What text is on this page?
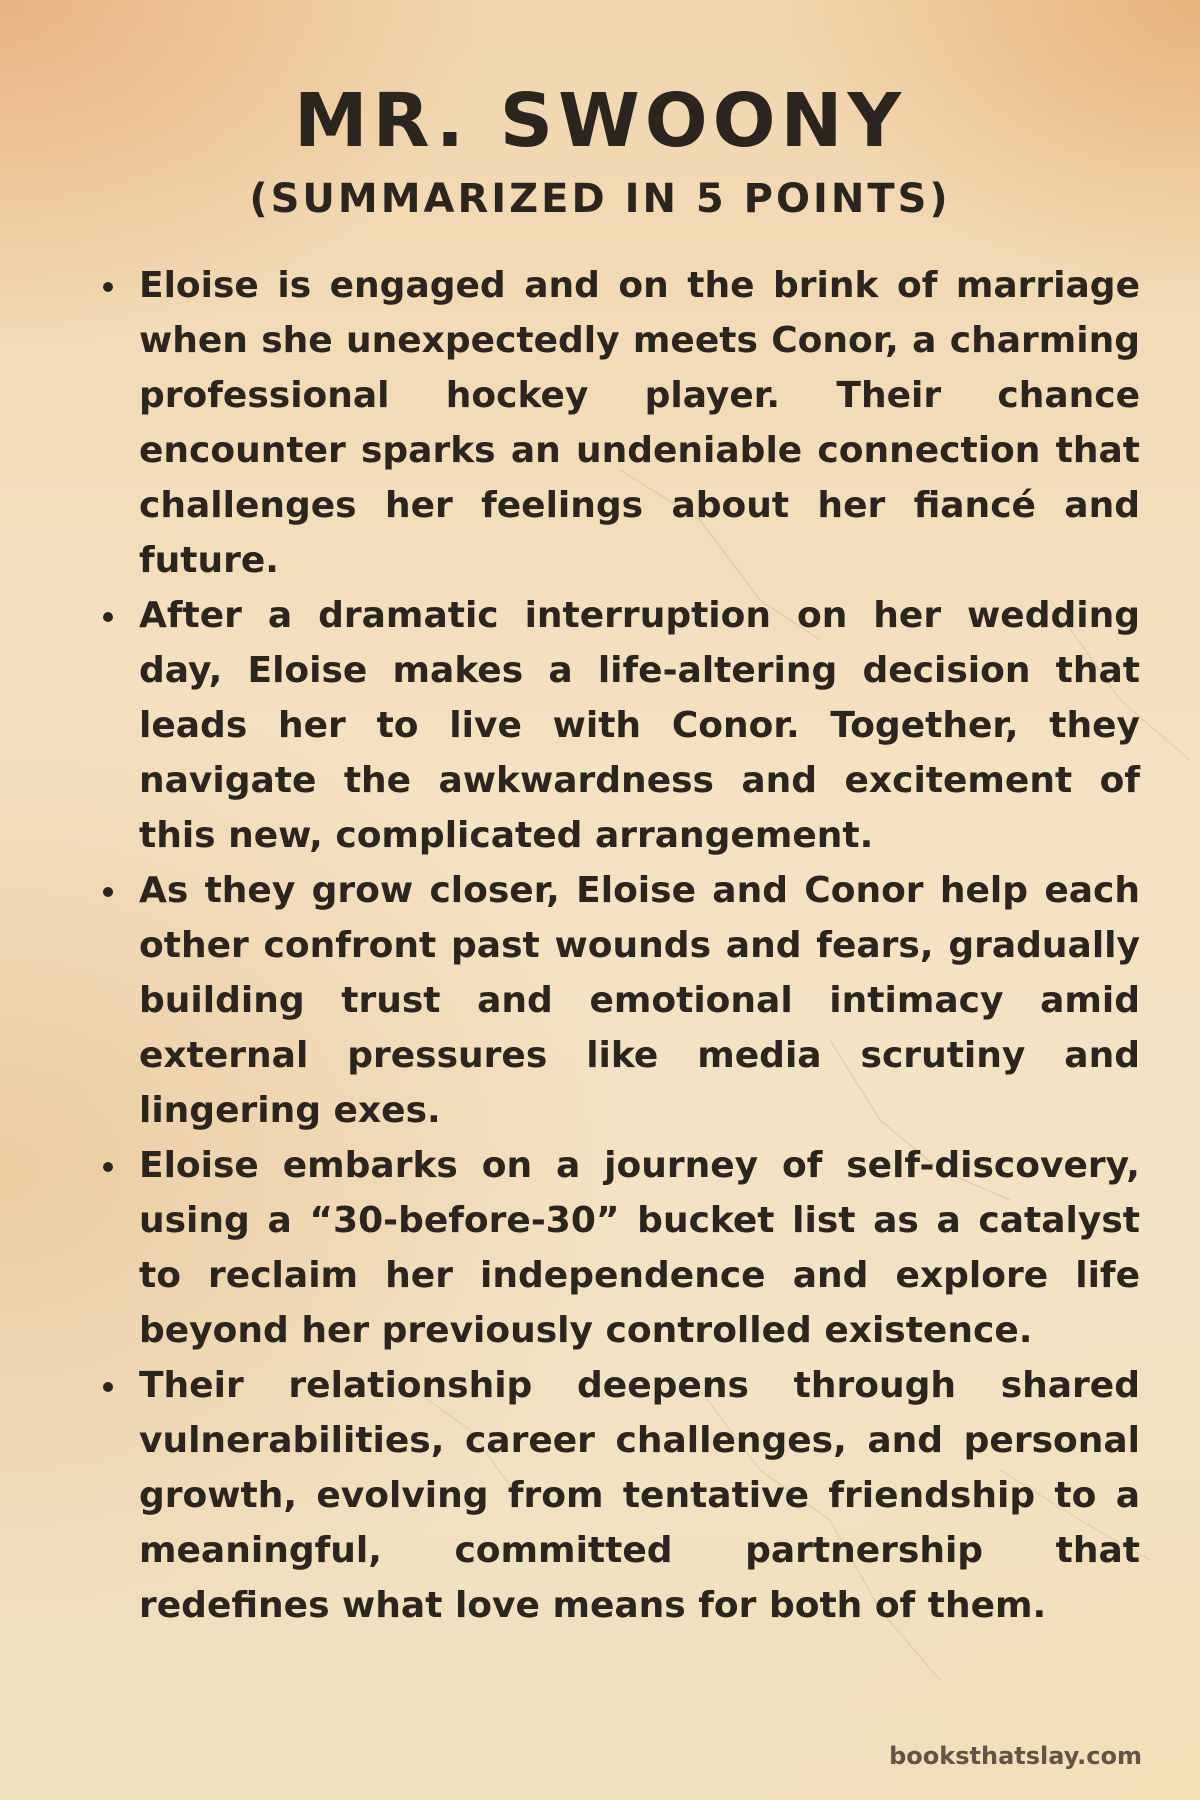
MR. SWOONY
(SUMMARIZED IN 5 POINTS)
Eloise is engaged and on the brink of marriage when she unexpectedly meets Conor, a charming professional hockey player. Their chance encounter sparks an undeniable connection that challenges her feelings about her fiancé and future.
After a dramatic interruption on her wedding day, Eloise makes a life-altering decision that leads her to live with Conor. Together, they navigate the awkwardness and excitement of this new, complicated arrangement.
As they grow closer, Eloise and Conor help each other confront past wounds and fears, gradually building trust and emotional intimacy amid external pressures like media scrutiny and lingering exes.
Eloise embarks on a journey of self-discovery, using a “30-before-30” bucket list as a catalyst to reclaim her independence and explore life beyond her previously controlled existence.
Their relationship deepens through shared vulnerabilities, career challenges, and personal growth, evolving from tentative friendship to a meaningful, committed partnership that redefines what love means for both of them.
booksthatslay.com
